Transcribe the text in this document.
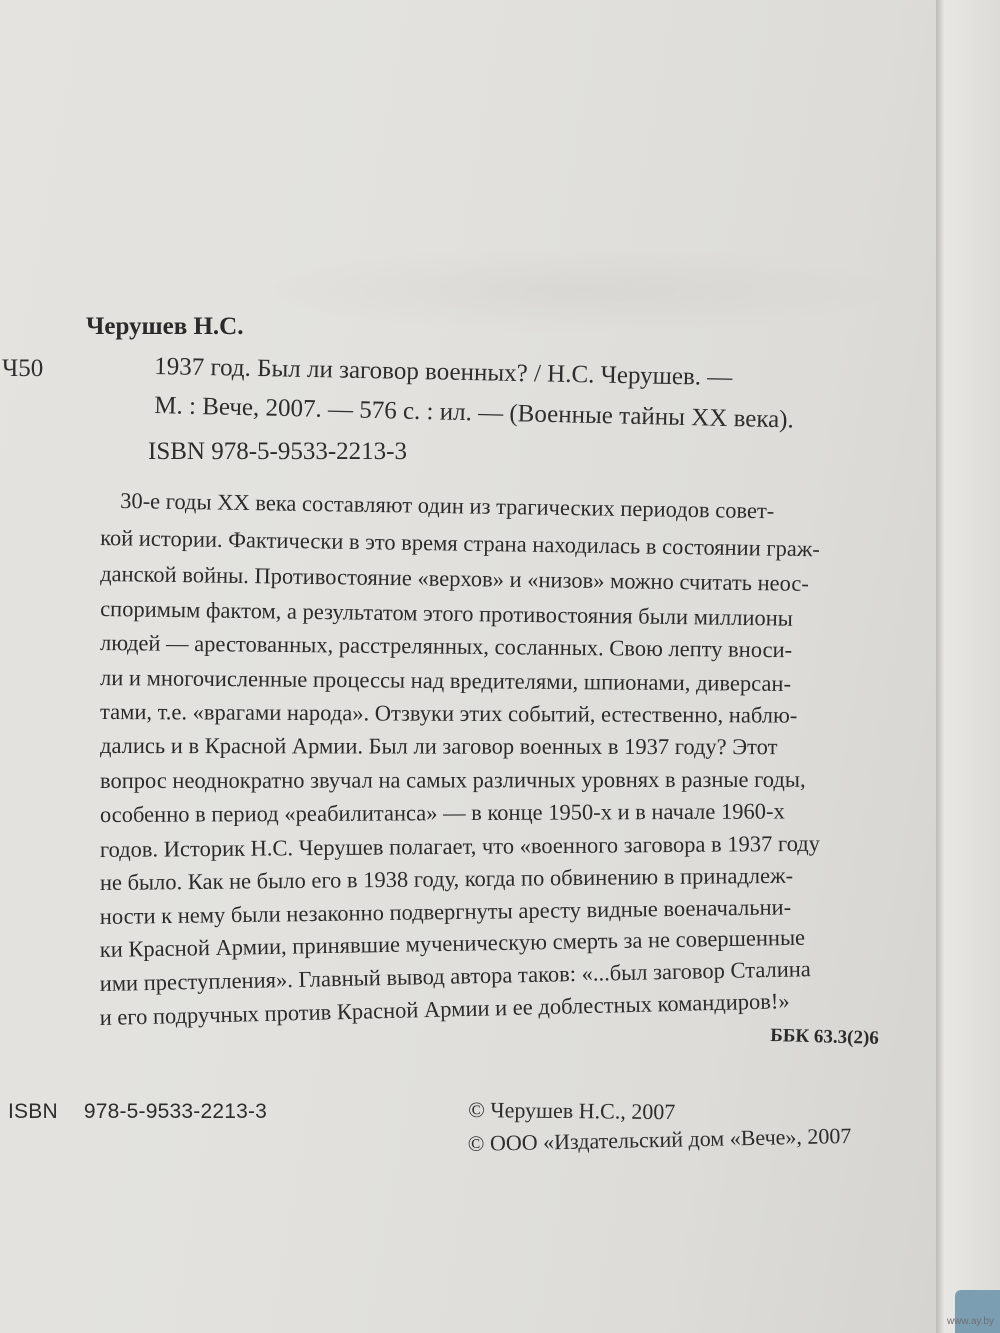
Черушев Н.С.
Ч50	1937 год. Был ли заговор военных? / Н.С. Черушев. —
М. : Вече, 2007. — 576 с. : ил. — (Военные тайны XX века).
ISBN 978-5-9533-2213-3
30-е годы XX века составляют один из трагических периодов совет-
кой истории. Фактически в это время страна находилась в состоянии граж-
данской войны. Противостояние «верхов» и «низов» можно считать неос-
споримым фактом, а результатом этого противостояния были миллионы
людей — арестованных, расстрелянных, сосланных. Свою лепту вноси-
ли и многочисленные процессы над вредителями, шпионами, диверсан-
тами, т.е. «врагами народа». Отзвуки этих событий, естественно, наблю-
дались и в Красной Армии. Был ли заговор военных в 1937 году? Этот
вопрос неоднократно звучал на самых различных уровнях в разные годы,
особенно в период «реабилитанса» — в конце 1950-х и в начале 1960-х
годов. Историк Н.С. Черушев полагает, что «военного заговора в 1937 году
не было. Как не было его в 1938 году, когда по обвинению в принадлеж-
ности к нему были незаконно подвергнуты аресту видные военачальни-
ки Красной Армии, принявшие мученическую смерть за не совершенные
ими преступления». Главный вывод автора таков: «...был заговор Сталина
и его подручных против Красной Армии и ее доблестных командиров!»
ББК 63.3(2)6
ISBN 978-5-9533-2213-3	© Черушев Н.С., 2007
© ООО «Издательский дом «Вече», 2007
www.ay.by
